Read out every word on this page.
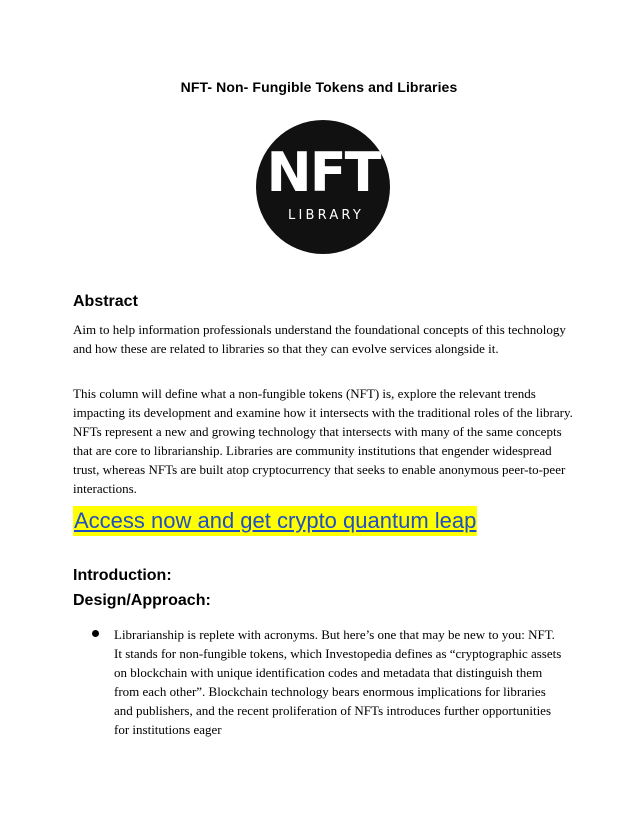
NFT- Non- Fungible Tokens and Libraries
NFT
LIBRARY
Abstract
Aim to help information professionals understand the foundational concepts of this technology and how these are related to libraries so that they can evolve services alongside it.
This column will define what a non-fungible tokens (NFT) is, explore the relevant trends impacting its development and examine how it intersects with the traditional roles of the library. NFTs represent a new and growing technology that intersects with many of the same concepts that are core to librarianship. Libraries are community institutions that engender widespread trust, whereas NFTs are built atop cryptocurrency that seeks to enable anonymous peer-to-peer interactions.
Access now and get crypto quantum leap
Introduction:
Design/Approach:
Librarianship is replete with acronyms. But here’s one that may be new to you: NFT. It stands for non-fungible tokens, which Investopedia defines as “cryptographic assets on blockchain with unique identification codes and metadata that distinguish them from each other”. Blockchain technology bears enormous implications for libraries and publishers, and the recent proliferation of NFTs introduces further opportunities for institutions eager
